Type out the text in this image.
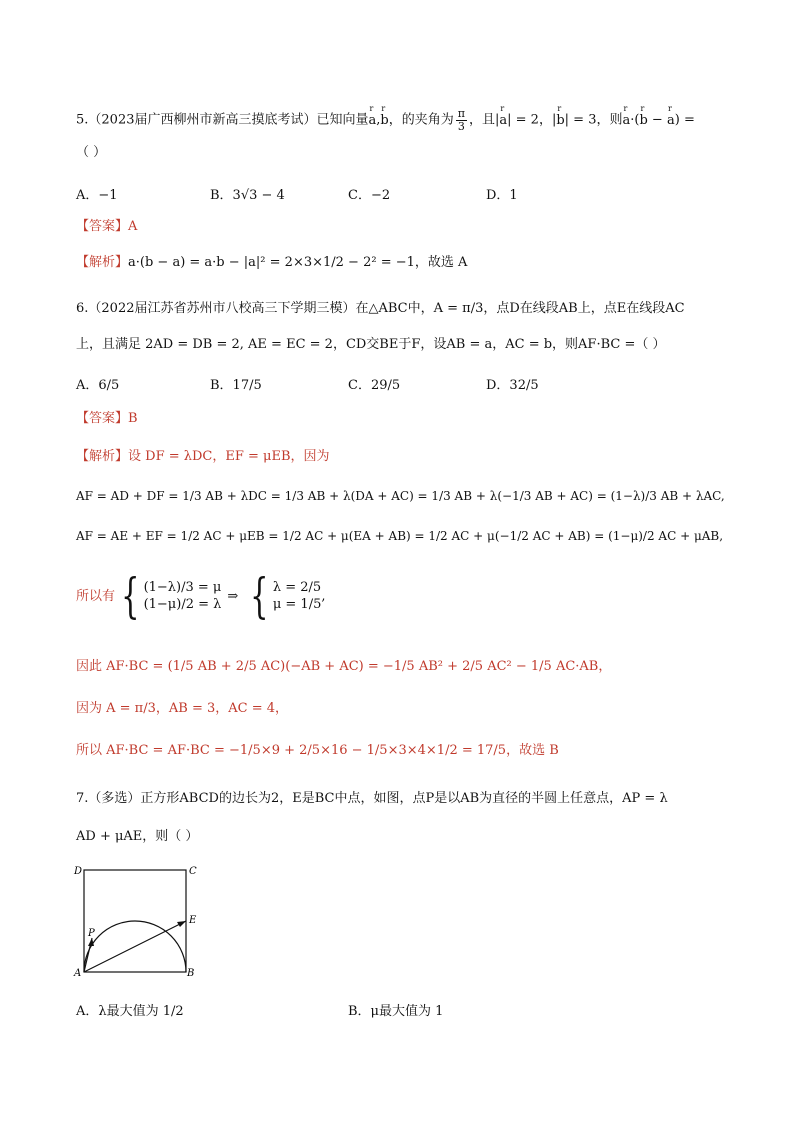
5.（2023届广西柳州市新高三摸底考试）已知向量r a,r b，的夹角为 $\frac{\pi}{3}$ ，且|r a| = 2，|r b| = 3，则r a·(r b − r a) =
（ ）
A．−1	B．3√3 − 4	C．−2	D．1
【答案】A
【解析】a·(b − a) = a·b − |a|² = 2×3×1/2 − 2² = −1，故选 A
6.（2022届江苏省苏州市八校高三下学期三模）在△ABC中，A = π/3，点D在线段AB上，点E在线段AC
上，且满足 2AD = DB = 2, AE = EC = 2，CD交BE于F，设AB = a，AC = b，则AF·BC =（ ）
A．6/5	B．17/5	C．29/5	D．32/5
【答案】B
【解析】设 DF = λDC，EF = μEB，因为
AF = AD + DF = 1/3 AB + λDC = 1/3 AB + λ(DA + AC) = 1/3 AB + λ(−1/3 AB + AC) = (1−λ)/3 AB + λAC,
AF = AE + EF = 1/2 AC + μEB = 1/2 AC + μ(EA + AB) = 1/2 AC + μ(−1/2 AC + AB) = (1−μ)/2 AC + μAB,
所以有 { (1−λ)/3 = μ
(1−μ)/2 = λ
⇒ { λ = 2/5
μ = 1/5
,
因此 AF·BC = (1/5 AB + 2/5 AC)(−AB + AC) = −1/5 AB² + 2/5 AC² − 1/5 AC·AB，
因为 A = π/3，AB = 3，AC = 4，
所以 AF·BC = AF·BC = −1/5×9 + 2/5×16 − 1/5×3×4×1/2 = 17/5，故选 B
7.（多选）正方形ABCD的边长为2，E是BC中点，如图，点P是以AB为直径的半圆上任意点，AP = λ
AD + μAE，则（ ）
D	C
E
A	B
P
A．λ最大值为 1/2	B．μ最大值为 1
